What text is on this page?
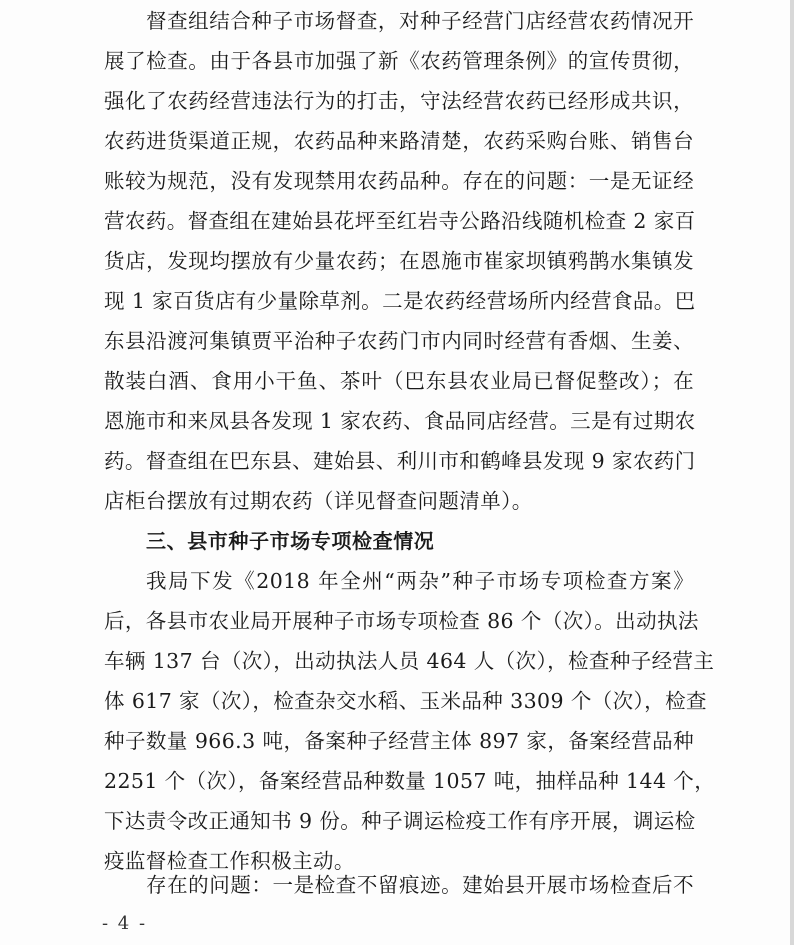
督查组结合种子市场督查，对种子经营门店经营农药情况开
展了检查。由于各县市加强了新《农药管理条例》的宣传贯彻，
强化了农药经营违法行为的打击，守法经营农药已经形成共识，
农药进货渠道正规，农药品种来路清楚，农药采购台账、销售台
账较为规范，没有发现禁用农药品种。存在的问题：一是无证经
营农药。督查组在建始县花坪至红岩寺公路沿线随机检查 2 家百
货店，发现均摆放有少量农药；在恩施市崔家坝镇鸦鹊水集镇发
现 1 家百货店有少量除草剂。二是农药经营场所内经营食品。巴
东县沿渡河集镇贾平治种子农药门市内同时经营有香烟、生姜、
散装白酒、食用小干鱼、茶叶（巴东县农业局已督促整改）；在
恩施市和来凤县各发现 1 家农药、食品同店经营。三是有过期农
药。督查组在巴东县、建始县、利川市和鹤峰县发现 9 家农药门
店柜台摆放有过期农药（详见督查问题清单）。
三、县市种子市场专项检查情况
我局下发《2018 年全州“两杂”种子市场专项检查方案》
后，各县市农业局开展种子市场专项检查 86 个（次）。出动执法
车辆 137 台（次），出动执法人员 464 人（次），检查种子经营主
体 617 家（次），检查杂交水稻、玉米品种 3309 个（次），检查
种子数量 966.3 吨，备案种子经营主体 897 家，备案经营品种
2251 个（次），备案经营品种数量 1057 吨，抽样品种 144 个，
下达责令改正通知书 9 份。种子调运检疫工作有序开展，调运检
疫监督检查工作积极主动。
存在的问题：一是检查不留痕迹。建始县开展市场检查后不
- 4 -
